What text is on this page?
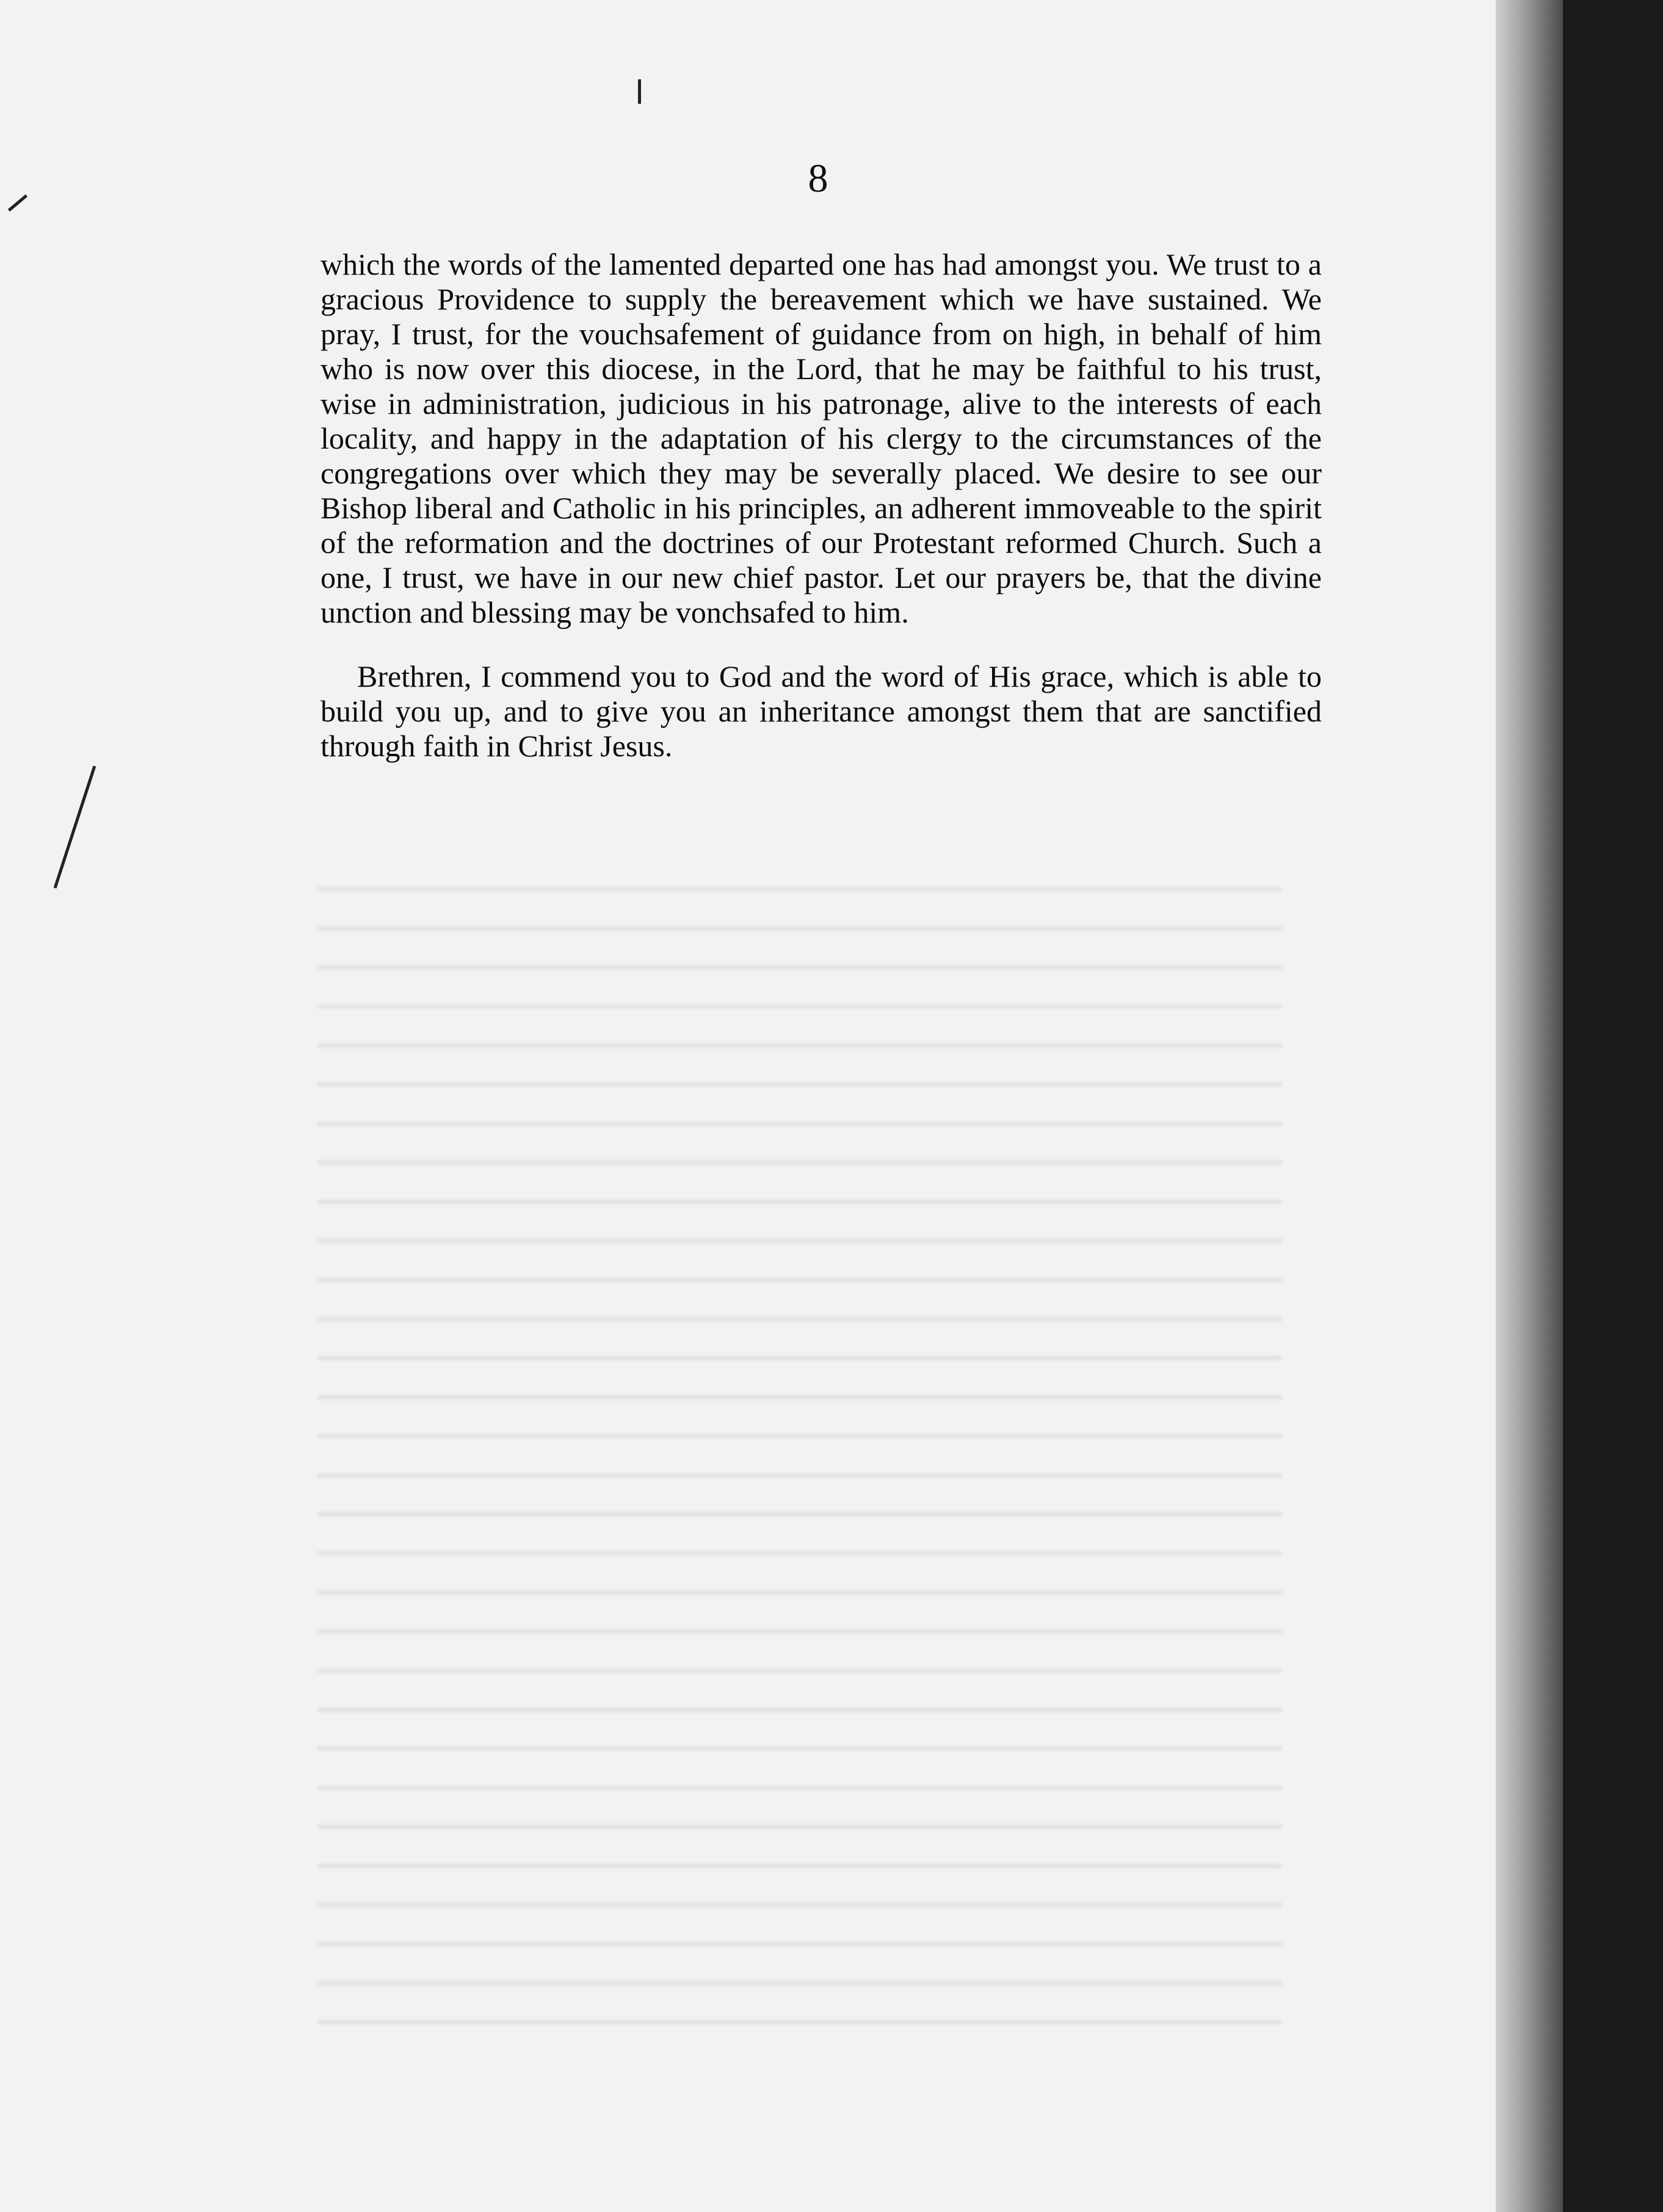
8

which the words of the lamented departed one has had amongst you. We trust to a gracious Providence to supply the bereavement which we have sustained. We pray, I trust, for the vouchsafement of guidance from on high, in behalf of him who is now over this diocese, in the Lord, that he may be faithful to his trust, wise in administration, judicious in his patronage, alive to the interests of each locality, and happy in the adaptation of his clergy to the circumstances of the congregations over which they may be severally placed. We desire to see our Bishop liberal and Catholic in his principles, an adherent immoveable to the spirit of the reformation and the doctrines of our Protestant reformed Church. Such a one, I trust, we have in our new chief pastor. Let our prayers be, that the divine unction and blessing may be vonchsafed to him.

Brethren, I commend you to God and the word of His grace, which is able to build you up, and to give you an inheritance amongst them that are sanctified through faith in Christ Jesus.
